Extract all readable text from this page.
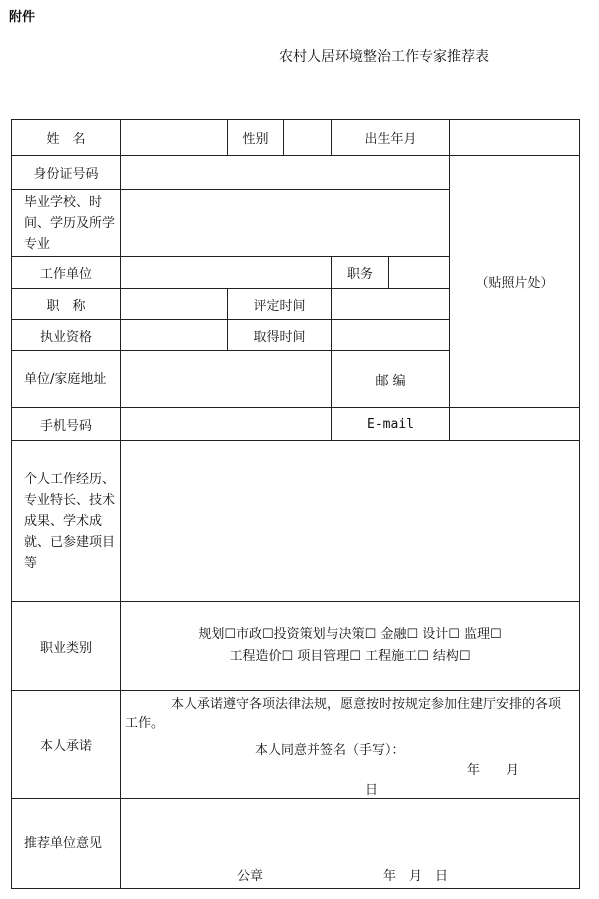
附件
农村人居环境整治工作专家推荐表
姓　名		性别		出生年月			
身份证号码						（贴照片处）	
毕业学校、时间、学历及所学专业							
工作单位				职务			
职　称		评定时间					
执业资格		取得时间					
单位/家庭地址				邮 编			
手机号码				E-mail			
个人工作经历、专业特长、技术成果、学术成就、已参建项目等							
职业类别	规划☐市政☐投资策划与决策☐ 金融☐ 设计☐ 监理☐
工程造价☐ 项目管理☐ 工程施工☐ 结构☐						

本人承诺	本人承诺遵守各项法律法规，愿意按时按规定参加住建厅安排的各项工作。

本人同意并签名（手写）：
年　　月
日						

推荐单位意见	公章 年　月　日						
